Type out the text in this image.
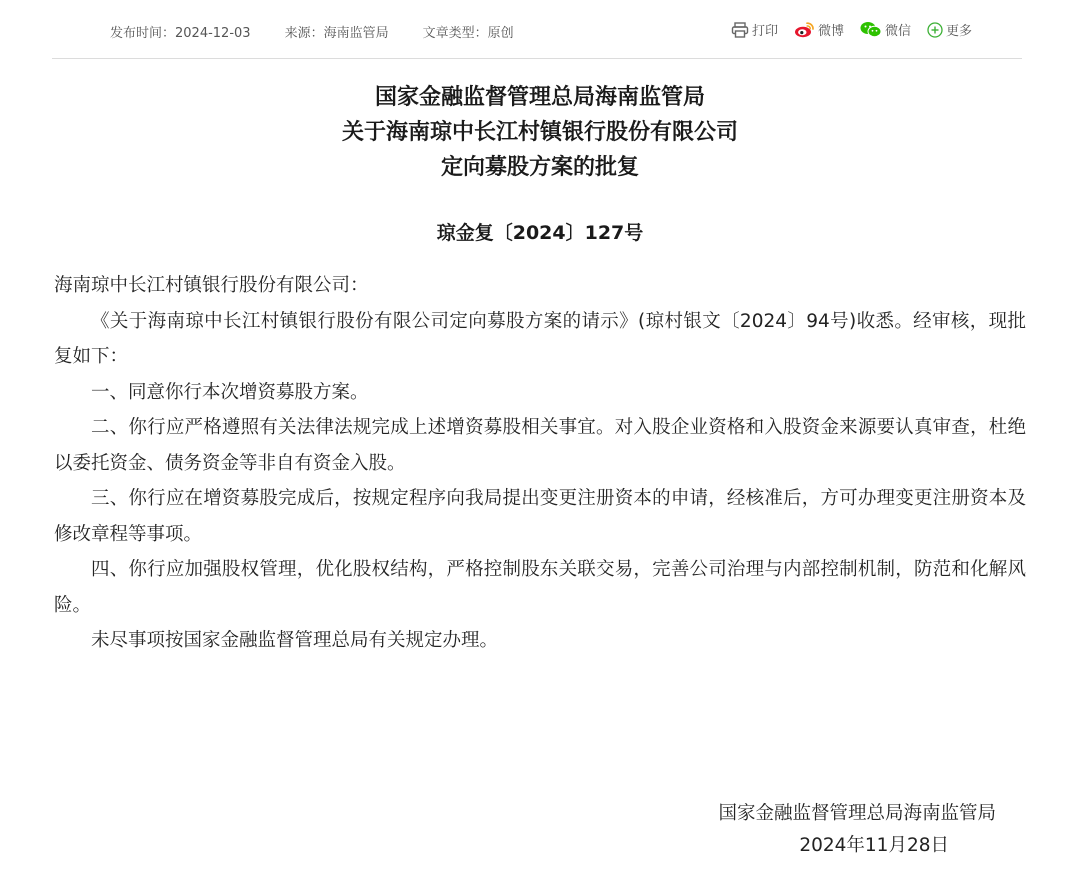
发布时间：2024-12-03	来源：海南监管局	文章类型：原创	打印	微博	微信	更多
国家金融监督管理总局海南监管局
关于海南琼中长江村镇银行股份有限公司
定向募股方案的批复
琼金复〔2024〕127号

海南琼中长江村镇银行股份有限公司：

《关于海南琼中长江村镇银行股份有限公司定向募股方案的请示》(琼村银文〔2024〕94号)收悉。经审核，现批复如下：

一、同意你行本次增资募股方案。

二、你行应严格遵照有关法律法规完成上述增资募股相关事宜。对入股企业资格和入股资金来源要认真审查，杜绝以委托资金、债务资金等非自有资金入股。

三、你行应在增资募股完成后，按规定程序向我局提出变更注册资本的申请，经核准后，方可办理变更注册资本及修改章程等事项。

四、你行应加强股权管理，优化股权结构，严格控制股东关联交易，完善公司治理与内部控制机制，防范和化解风险。

未尽事项按国家金融监督管理总局有关规定办理。

国家金融监督管理总局海南监管局
2024年11月28日
